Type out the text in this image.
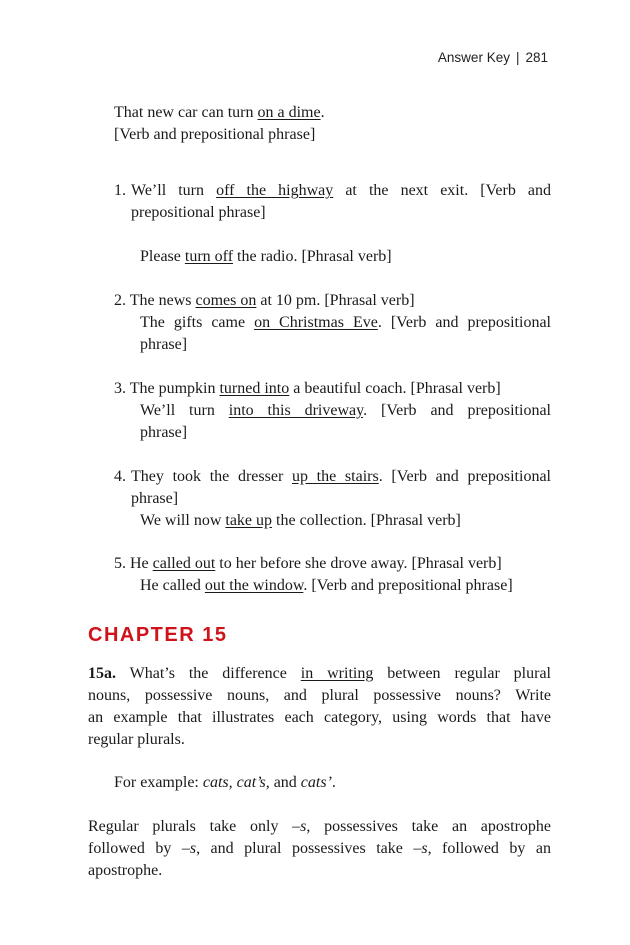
Answer Key | 281
That new car can turn on a dime.
[Verb and prepositional phrase]
1. We’ll turn off the highway at the next exit. [Verb and
prepositional phrase]
Please turn off the radio. [Phrasal verb]
2. The news comes on at 10 pm. [Phrasal verb]
The gifts came on Christmas Eve. [Verb and prepositional
phrase]
3. The pumpkin turned into a beautiful coach. [Phrasal verb]
We’ll turn into this driveway. [Verb and prepositional
phrase]
4. They took the dresser up the stairs. [Verb and prepositional
phrase]
We will now take up the collection. [Phrasal verb]
5. He called out to her before she drove away. [Phrasal verb]
He called out the window. [Verb and prepositional phrase]
CHAPTER 15
15a. What’s the difference in writing between regular plural
nouns, possessive nouns, and plural possessive nouns? Write
an example that illustrates each category, using words that have
regular plurals.
For example: cats, cat’s, and cats’.
Regular plurals take only –s, possessives take an apostrophe
followed by –s, and plural possessives take –s, followed by an
apostrophe.
